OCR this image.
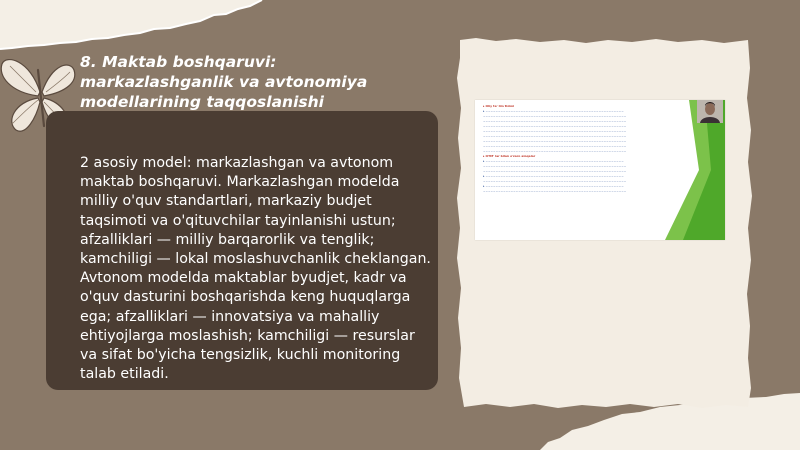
8. Maktab boshqaruvi: markazlashganlik va avtonomiya modellarining taqqoslanishi
2 asosiy model: markazlashgan va avtonom maktab boshqaruvi. Markazlashgan modelda milliy o'quv standartlari, markaziy budjet taqsimoti va o'qituvchilar tayinlanishi ustun; afzalliklari — milliy barqarorlik va tenglik; kamchiligi — lokal moslashuvchanlik cheklangan. Avtonom modelda maktablar byudjet, kadr va o'quv dasturini boshqarishda keng huquqlarga ega; afzalliklari — innovatsiya va mahalliy ehtiyojlarga moslashish; kamchiligi — resurslar va sifat bo'yicha tengsizlik, kuchli monitoring talab etiladi.
▸ Oliy ta' lim tizimi
▸ ~~~~~~~~~~~~~~~~~~~~~~~~~~~~~~~~~~~~~~~~~~~~~~~~~~~~~~~
~~~~~~~~~~~~~~~~~~~~~~~~~~~~~~~~~~~~~~~~~~~~~~~~~~~~~~~~~
~~~~~~~~~~~~~~~~~~~~~~~~~~~~~~~~~~~~~~~~~~~~~~~~~~~~~~~~~
~~~~~~~~~~~~~~~~~~~~~~~~~~~~~~~~~~~~~~~~~~~~~~~~~~~~~~~~~
~~~~~~~~~~~~~~~~~~~~~~~~~~~~~~~~~~~~~~~~~~~~~~~~~~~~~~~~~
~~~~~~~~~~~~~~~~~~~~~~~~~~~~~~~~~~~~~~~~~~~~~~~~~~~~~~~~~
~~~~~~~~~~~~~~~~~~~~~~~~~~~~~~~~~~~~~~~~~~~~~~~~~~~~~~~~~
~~~~~~~~~~~~~~~~~~~~~~~~~~~~~~~~~~~~~~~~~~~~~~~~~~~~~~~~~
~~~~~~~~~~~~~~~~~~~~~~~~~~~~~~~~~~~~~~~~~~~~~~~~~~~~~~~~~
▸ OTM' lar bilan o'zaro aloqalar
▸ ~~~~~~~~~~~~~~~~~~~~~~~~~~~~~~~~~~~~~~~~~~~~~~~~~~~~~~~
~~~~~~~~~~~~~~~~~~~~~~~~~~~~~~~~~~~~~~~~~~~~~~~~~~~~~~~~~
~~~~~~~~~~~~~~~~~~~~~~~~~~~~~~~~~~~~~~~~~~~~~~~~~~~~~~~~~
▸ ~~~~~~~~~~~~~~~~~~~~~~~~~~~~~~~~~~~~~~~~~~~~~~~~~~~~~~~
~~~~~~~~~~~~~~~~~~~~~~~~~~~~~~~~~~~~~~~~~~~~~~~~~~~~~~~~~
▸ ~~~~~~~~~~~~~~~~~~~~~~~~~~~~~~~~~~~~~~~~~~~~~~~~~~~~~~~
~~~~~~~~~~~~~~~~~~~~~~~~~~~~~~~~~~~~~~~~~~~~~~~~~~~~~~~~~
